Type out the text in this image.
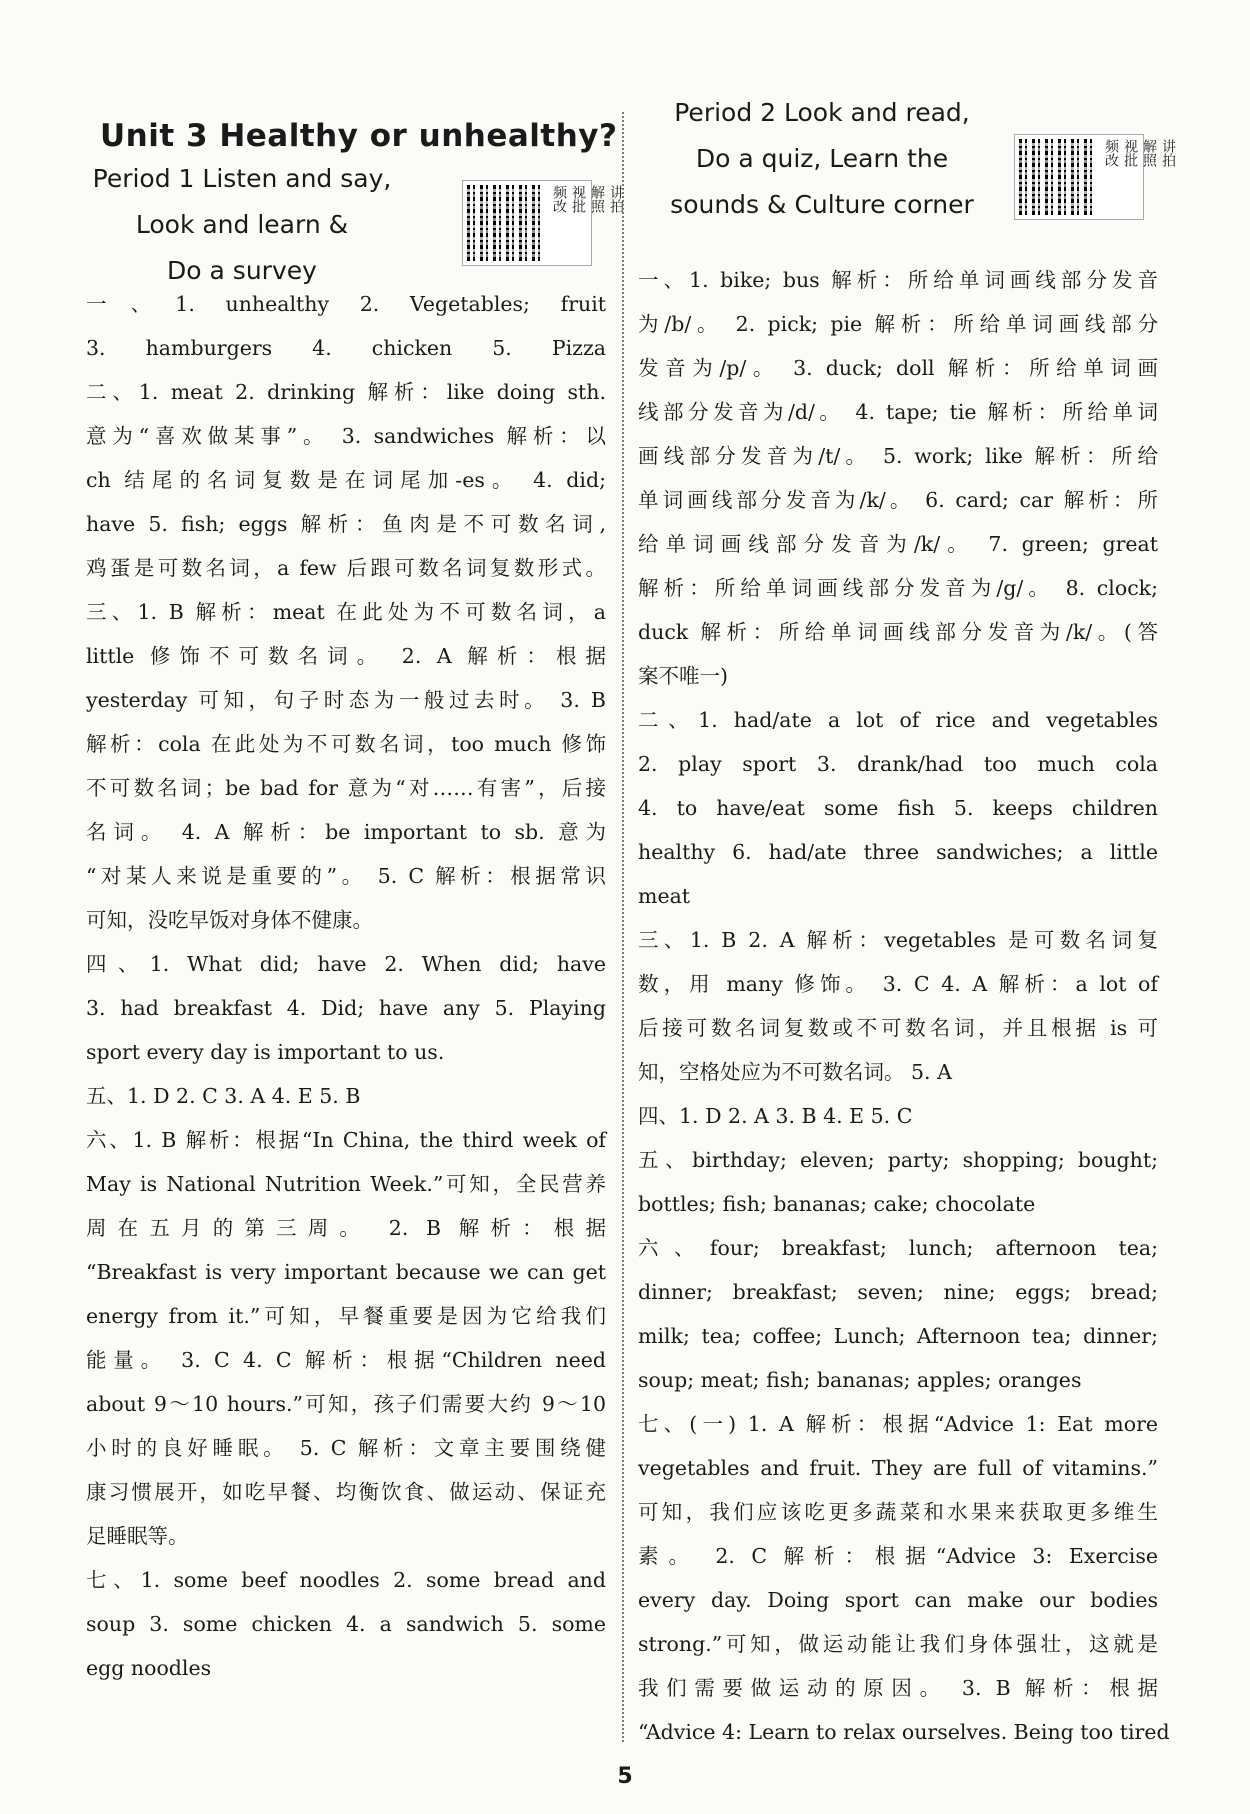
Unit 3 Healthy or unhealthy?
Period 1 Listen and say,
Look and learn &
Do a survey
讲拍解照视批频改
一、1. unhealthy 2. Vegetables; fruit
3. hamburgers 4. chicken 5. Pizza
二、1. meat 2. drinking 解析：like doing sth.
意为“喜欢做某事”。 3. sandwiches 解析：以
ch 结尾的名词复数是在词尾加-es。 4. did;
have 5. fish; eggs 解析：鱼肉是不可数名词,
鸡蛋是可数名词，a few 后跟可数名词复数形式。
三、1. B 解析：meat 在此处为不可数名词，a
little 修饰不可数名词。 2. A 解析：根据
yesterday 可知，句子时态为一般过去时。 3. B
解析：cola 在此处为不可数名词，too much 修饰
不可数名词；be bad for 意为“对……有害”，后接
名词。 4. A 解析：be important to sb. 意为
“对某人来说是重要的”。 5. C 解析：根据常识
可知，没吃早饭对身体不健康。
四、1. What did; have 2. When did; have
3. had breakfast 4. Did; have any 5. Playing
sport every day is important to us.
五、1. D 2. C 3. A 4. E 5. B
六、1. B 解析：根据“In China, the third week of
May is National Nutrition Week.”可知，全民营养
周在五月的第三周。 2. B 解析：根据
“Breakfast is very important because we can get
energy from it.”可知，早餐重要是因为它给我们
能量。 3. C 4. C 解析：根据“Children need
about 9～10 hours.”可知，孩子们需要大约 9～10
小时的良好睡眠。 5. C 解析：文章主要围绕健
康习惯展开，如吃早餐、均衡饮食、做运动、保证充
足睡眠等。
七、1. some beef noodles 2. some bread and
soup 3. some chicken 4. a sandwich 5. some
egg noodles
Period 2 Look and read,
Do a quiz, Learn the
sounds & Culture corner
讲拍解照视批频改
一、1. bike; bus 解析：所给单词画线部分发音
为/b/。 2. pick; pie 解析：所给单词画线部分
发音为/p/。 3. duck; doll 解析：所给单词画
线部分发音为/d/。 4. tape; tie 解析：所给单词
画线部分发音为/t/。 5. work; like 解析：所给
单词画线部分发音为/k/。 6. card; car 解析：所
给单词画线部分发音为/k/。 7. green; great
解析：所给单词画线部分发音为/g/。 8. clock;
duck 解析：所给单词画线部分发音为/k/。(答
案不唯一)
二、1. had/ate a lot of rice and vegetables
2. play sport 3. drank/had too much cola
4. to have/eat some fish 5. keeps children
healthy 6. had/ate three sandwiches; a little
meat
三、1. B 2. A 解析：vegetables 是可数名词复
数，用 many 修饰。 3. C 4. A 解析：a lot of
后接可数名词复数或不可数名词，并且根据 is 可
知，空格处应为不可数名词。 5. A
四、1. D 2. A 3. B 4. E 5. C
五、birthday; eleven; party; shopping; bought;
bottles; fish; bananas; cake; chocolate
六、four; breakfast; lunch; afternoon tea;
dinner; breakfast; seven; nine; eggs; bread;
milk; tea; coffee; Lunch; Afternoon tea; dinner;
soup; meat; fish; bananas; apples; oranges
七、(一) 1. A 解析：根据“Advice 1: Eat more
vegetables and fruit. They are full of vitamins.”
可知，我们应该吃更多蔬菜和水果来获取更多维生
素。 2. C 解析：根据“Advice 3: Exercise
every day. Doing sport can make our bodies
strong.”可知，做运动能让我们身体强壮，这就是
我们需要做运动的原因。 3. B 解析：根据
“Advice 4: Learn to relax ourselves. Being too tired
5
